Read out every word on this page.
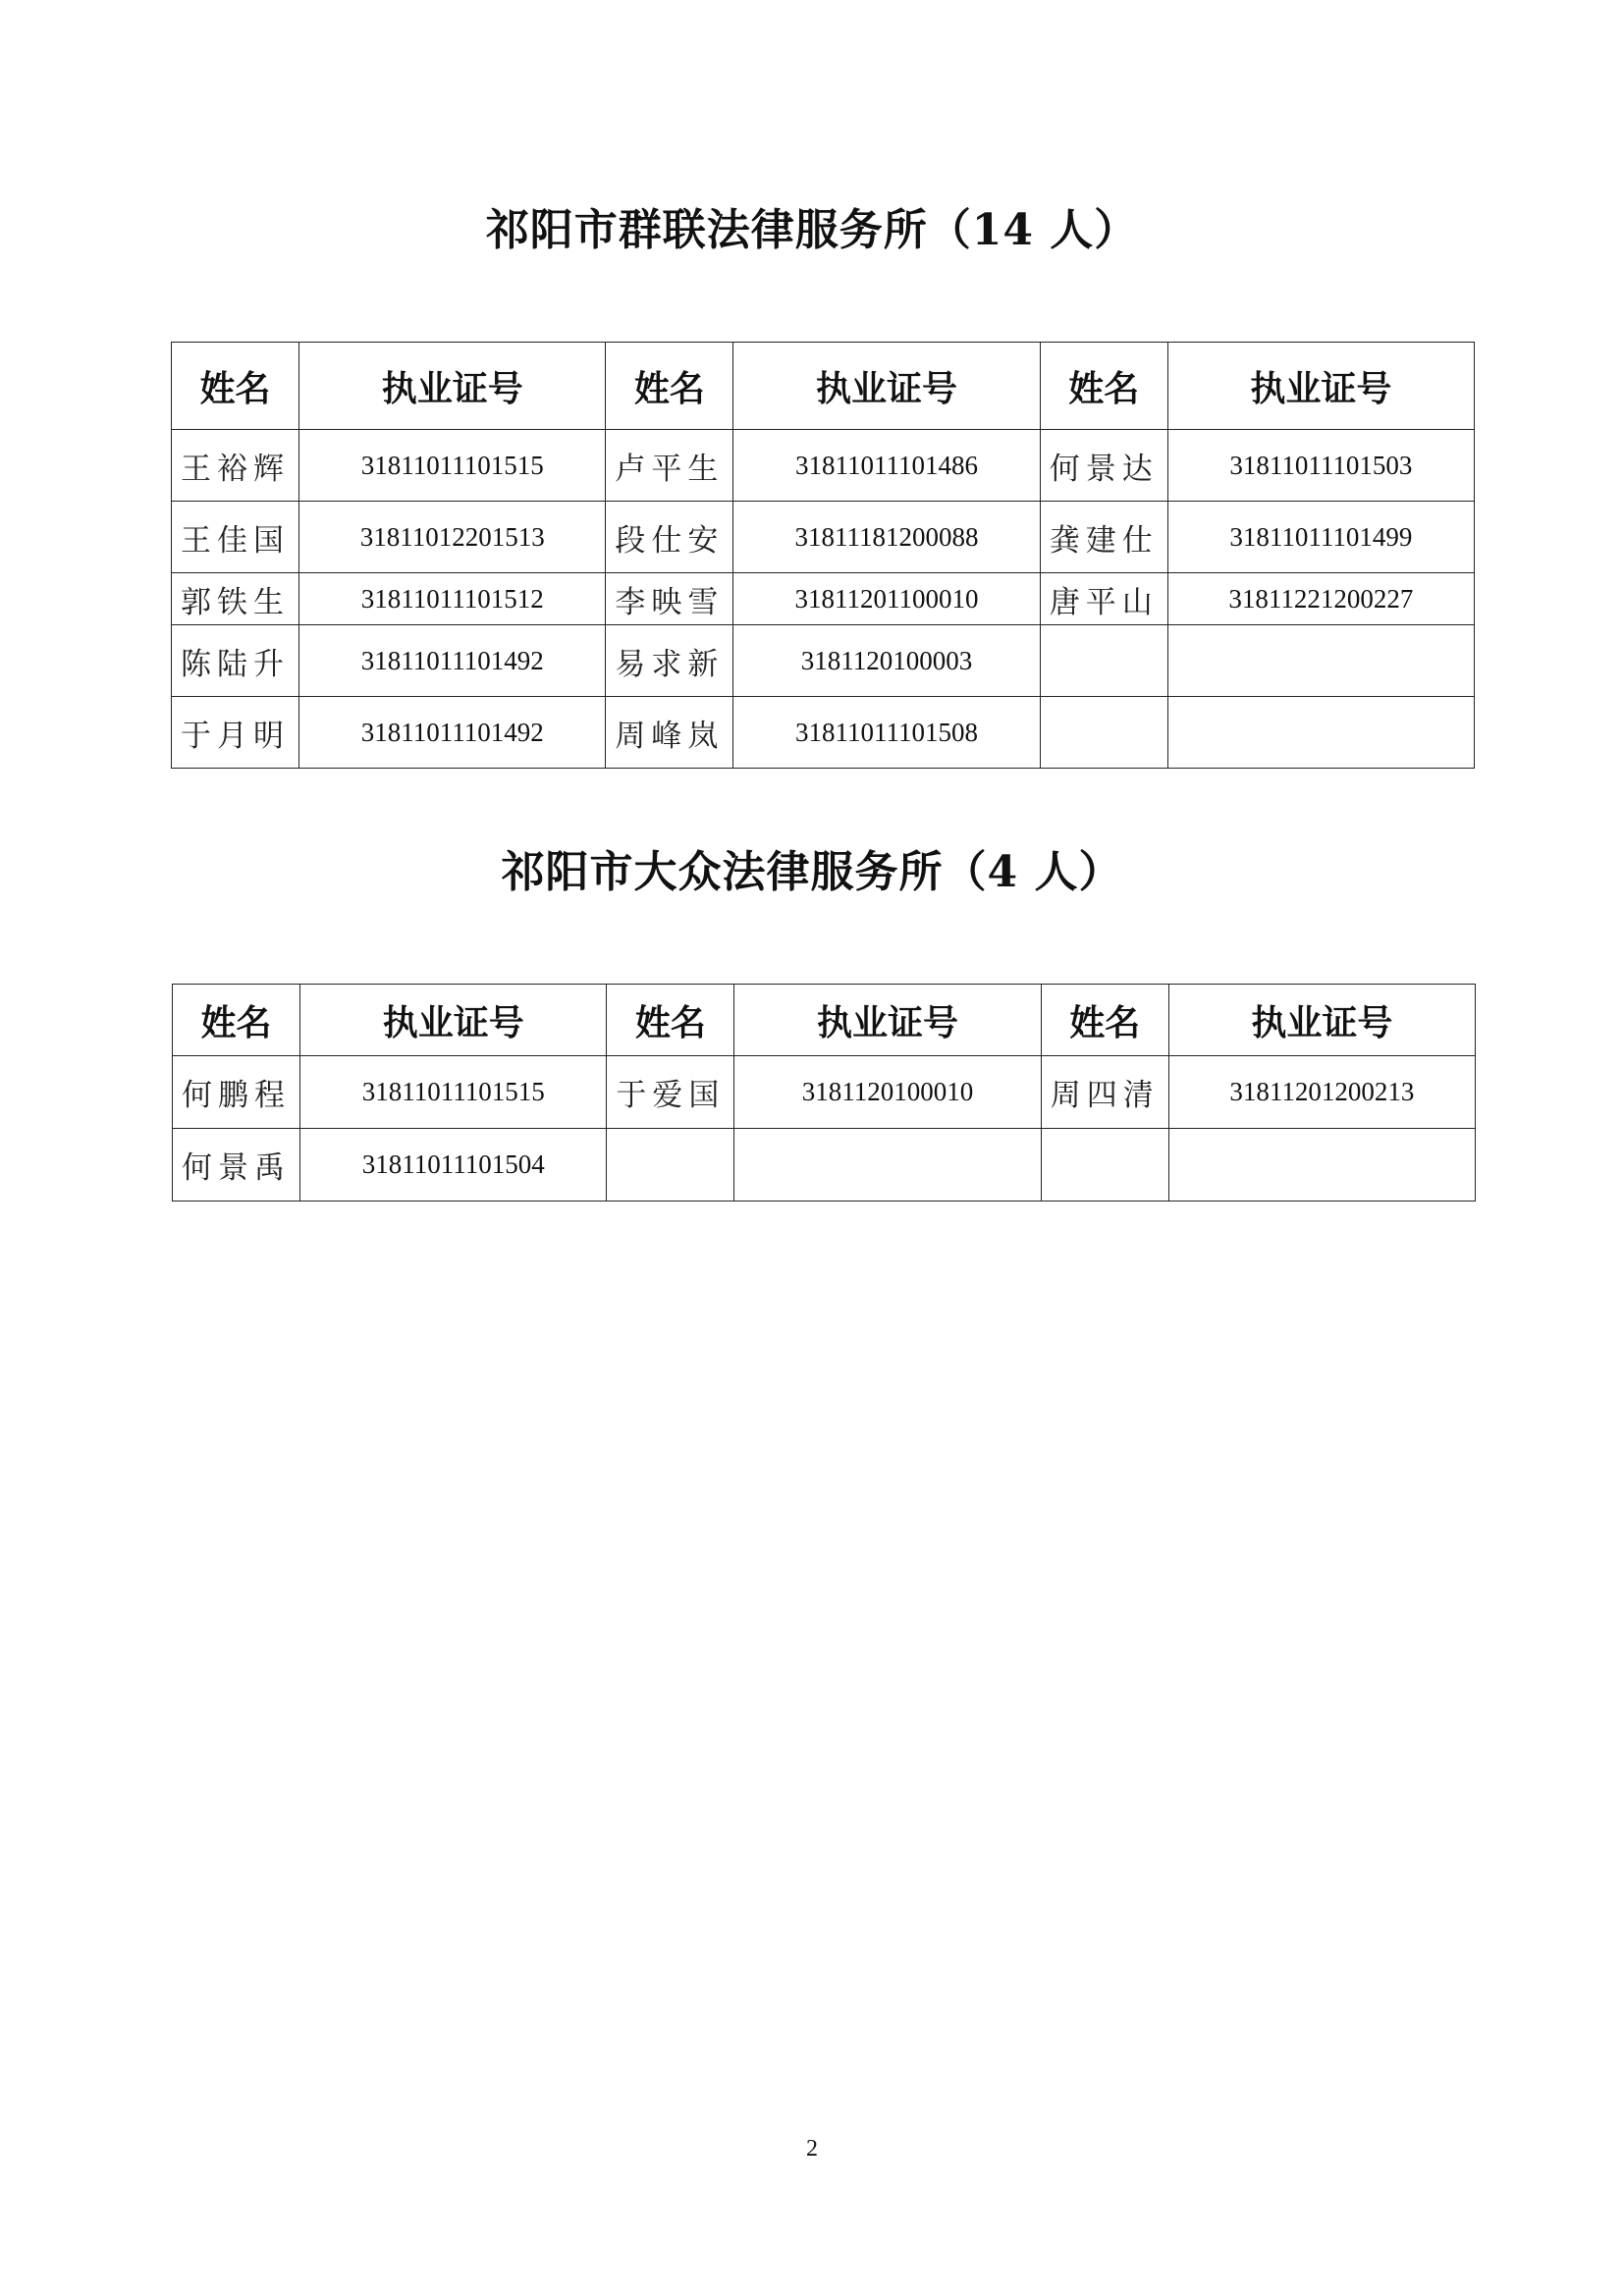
祁阳市群联法律服务所（14 人）
姓名	执业证号	姓名	执业证号	姓名	执业证号
王裕辉	31811011101515	卢平生	31811011101486	何景达	31811011101503
王佳国	31811012201513	段仕安	31811181200088	龚建仕	31811011101499
郭铁生	31811011101512	李映雪	31811201100010	唐平山	31811221200227
陈陆升	31811011101492	易求新	3181120100003		
于月明	31811011101492	周峰岚	31811011101508		
祁阳市大众法律服务所（4 人）
姓名	执业证号	姓名	执业证号	姓名	执业证号
何鹏程	31811011101515	于爱国	3181120100010	周四清	31811201200213
何景禹	31811011101504				

2
